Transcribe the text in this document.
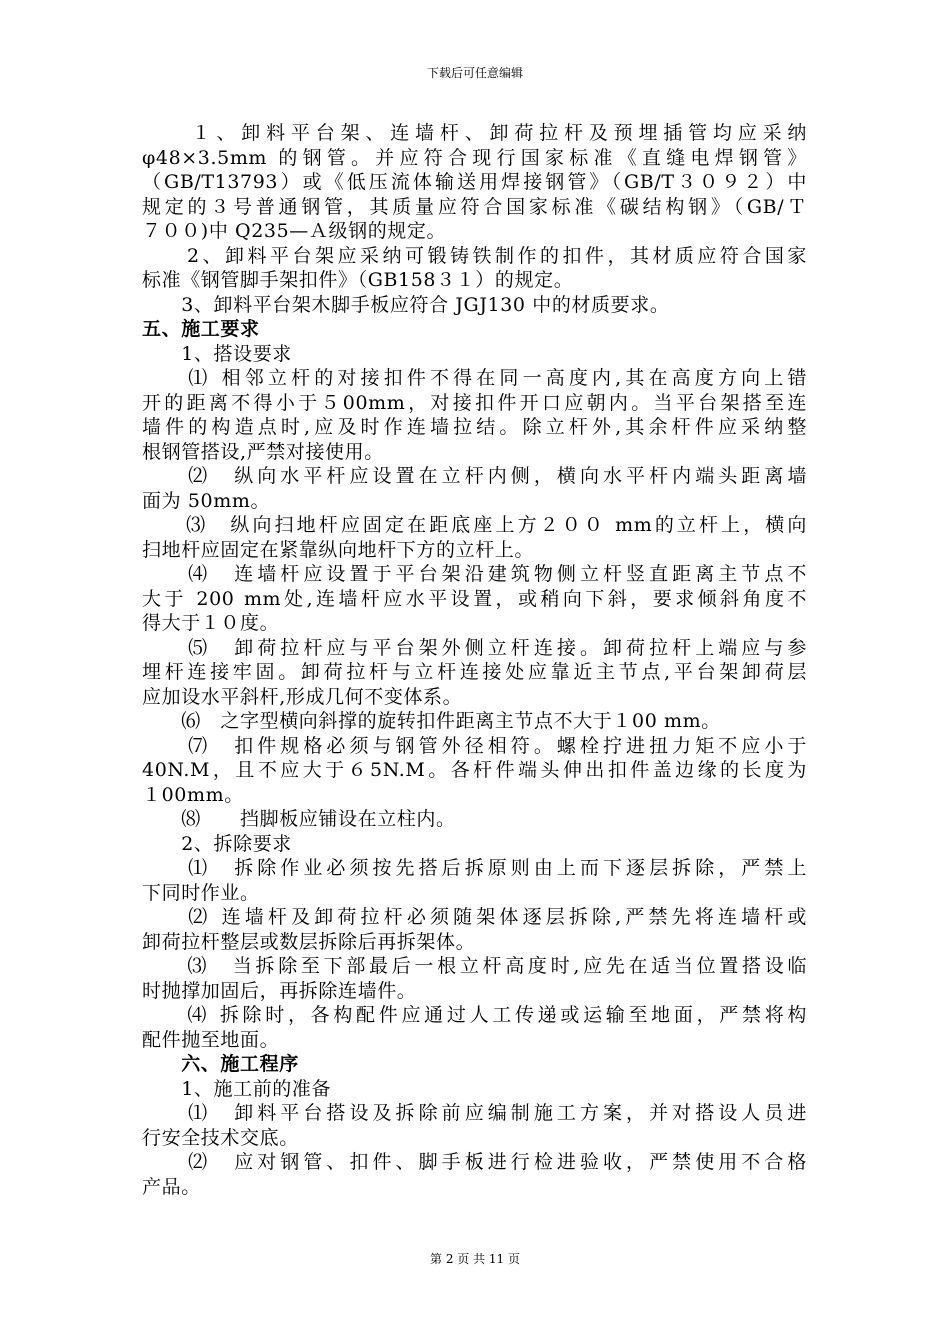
下载后可任意编辑
　　１、卸料平台架、连墙杆、卸荷拉杆及预埋插管均应采纳
φ48×3.5mm 的钢管。并应符合现行国家标准《直缝电焊钢管》
（GB/T13793）或《低压流体输送用焊接钢管》（GB/T３０９２）中
规定的３号普通钢管，其质量应符合国家标准《碳结构钢》（GB/Ｔ
７００)中 Q235—Ａ级钢的规定。
　　2、卸料平台架应采纳可锻铸铁制作的扣件，其材质应符合国家
标准《钢管脚手架扣件》（GB158３１）的规定。
　　3、卸料平台架木脚手板应符合 JGJ130 中的材质要求。
五、施工要求
　　1、搭设要求
　　⑴ 相邻立杆的对接扣件不得在同一高度内,其在高度方向上错
开的距离不得小于５00mm，对接扣件开口应朝内。当平台架搭至连
墙件的构造点时,应及时作连墙拉结。除立杆外,其余杆件应采纳整
根钢管搭设,严禁对接使用。
　　⑵　纵向水平杆应设置在立杆内侧，横向水平杆内端头距离墙
面为 50mm。
　　⑶　纵向扫地杆应固定在距底座上方２００ mm的立杆上，横向
扫地杆应固定在紧靠纵向地杆下方的立杆上。
　　⑷　连墙杆应设置于平台架沿建筑物侧立杆竖直距离主节点不
大于 200 mm处,连墙杆应水平设置，或稍向下斜，要求倾斜角度不
得大于１０度。
　　⑸　卸荷拉杆应与平台架外侧立杆连接。卸荷拉杆上端应与参
埋杆连接牢固。卸荷拉杆与立杆连接处应靠近主节点,平台架卸荷层
应加设水平斜杆,形成几何不变体系。
　　⑹　之字型横向斜撑的旋转扣件距离主节点不大于１00 mm。
　　⑺　扣件规格必须与钢管外径相符。螺栓拧进扭力矩不应小于
40N.M，且不应大于６5N.M。各杆件端头伸出扣件盖边缘的长度为
１00mm。
　　⑻　　挡脚板应铺设在立柱内。
　　2、拆除要求
　　⑴　拆除作业必须按先搭后拆原则由上而下逐层拆除，严禁上
下同时作业。
　　⑵ 连墙杆及卸荷拉杆必须随架体逐层拆除,严禁先将连墙杆或
卸荷拉杆整层或数层拆除后再拆架体。
　　⑶　当拆除至下部最后一根立杆高度时,应先在适当位置搭设临
时抛撑加固后，再拆除连墙件。
　　⑷ 拆除时，各构配件应通过人工传递或运输至地面，严禁将构
配件抛至地面。
　　六、施工程序
　　1、施工前的准备
　　⑴　卸料平台搭设及拆除前应编制施工方案，并对搭设人员进
行安全技术交底。
　　⑵　应对钢管、扣件、脚手板进行检进验收，严禁使用不合格
产品。
第 2 页 共 11 页
